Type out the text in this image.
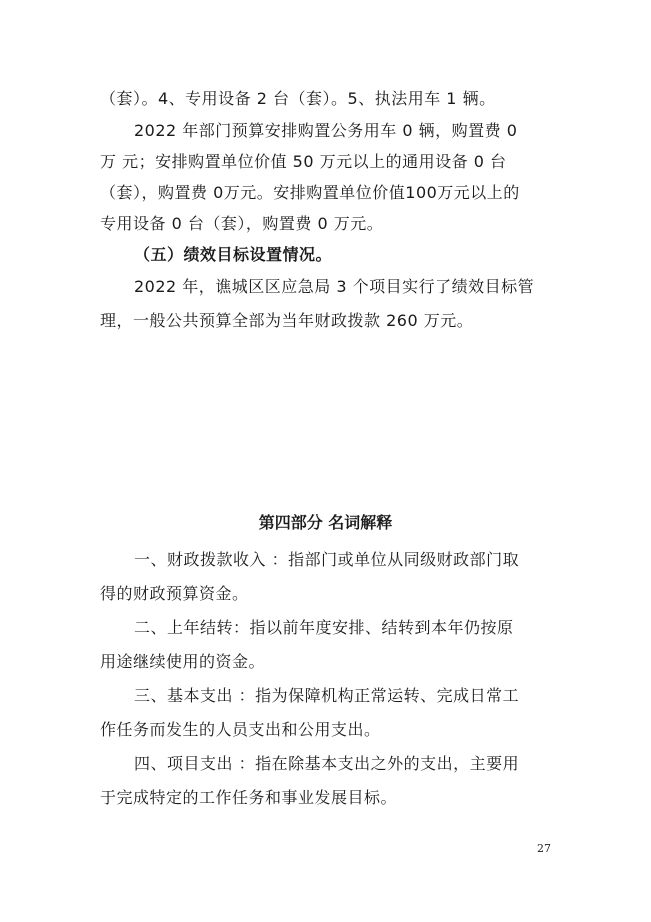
（套）。4、专用设备 2 台（套）。5、执法用车 1 辆。
2022 年部门预算安排购置公务用车 0 辆，购置费 0
万 元；安排购置单位价值 50 万元以上的通用设备 0 台
（套），购置费 0万元。安排购置单位价值100万元以上的
专用设备 0 台（套），购置费 0 万元。
（五）绩效目标设置情况。
2022 年，谯城区区应急局 3 个项目实行了绩效目标管
理，一般公共预算全部为当年财政拨款 260 万元。
第四部分 名词解释
一、财政拨款收入 ：指部门或单位从同级财政部门取
得的财政预算资金。
二、上年结转：指以前年度安排、结转到本年仍按原
用途继续使用的资金。
三、基本支出 ：指为保障机构正常运转、完成日常工
作任务而发生的人员支出和公用支出。
四、项目支出 ：指在除基本支出之外的支出，主要用
于完成特定的工作任务和事业发展目标。
27
